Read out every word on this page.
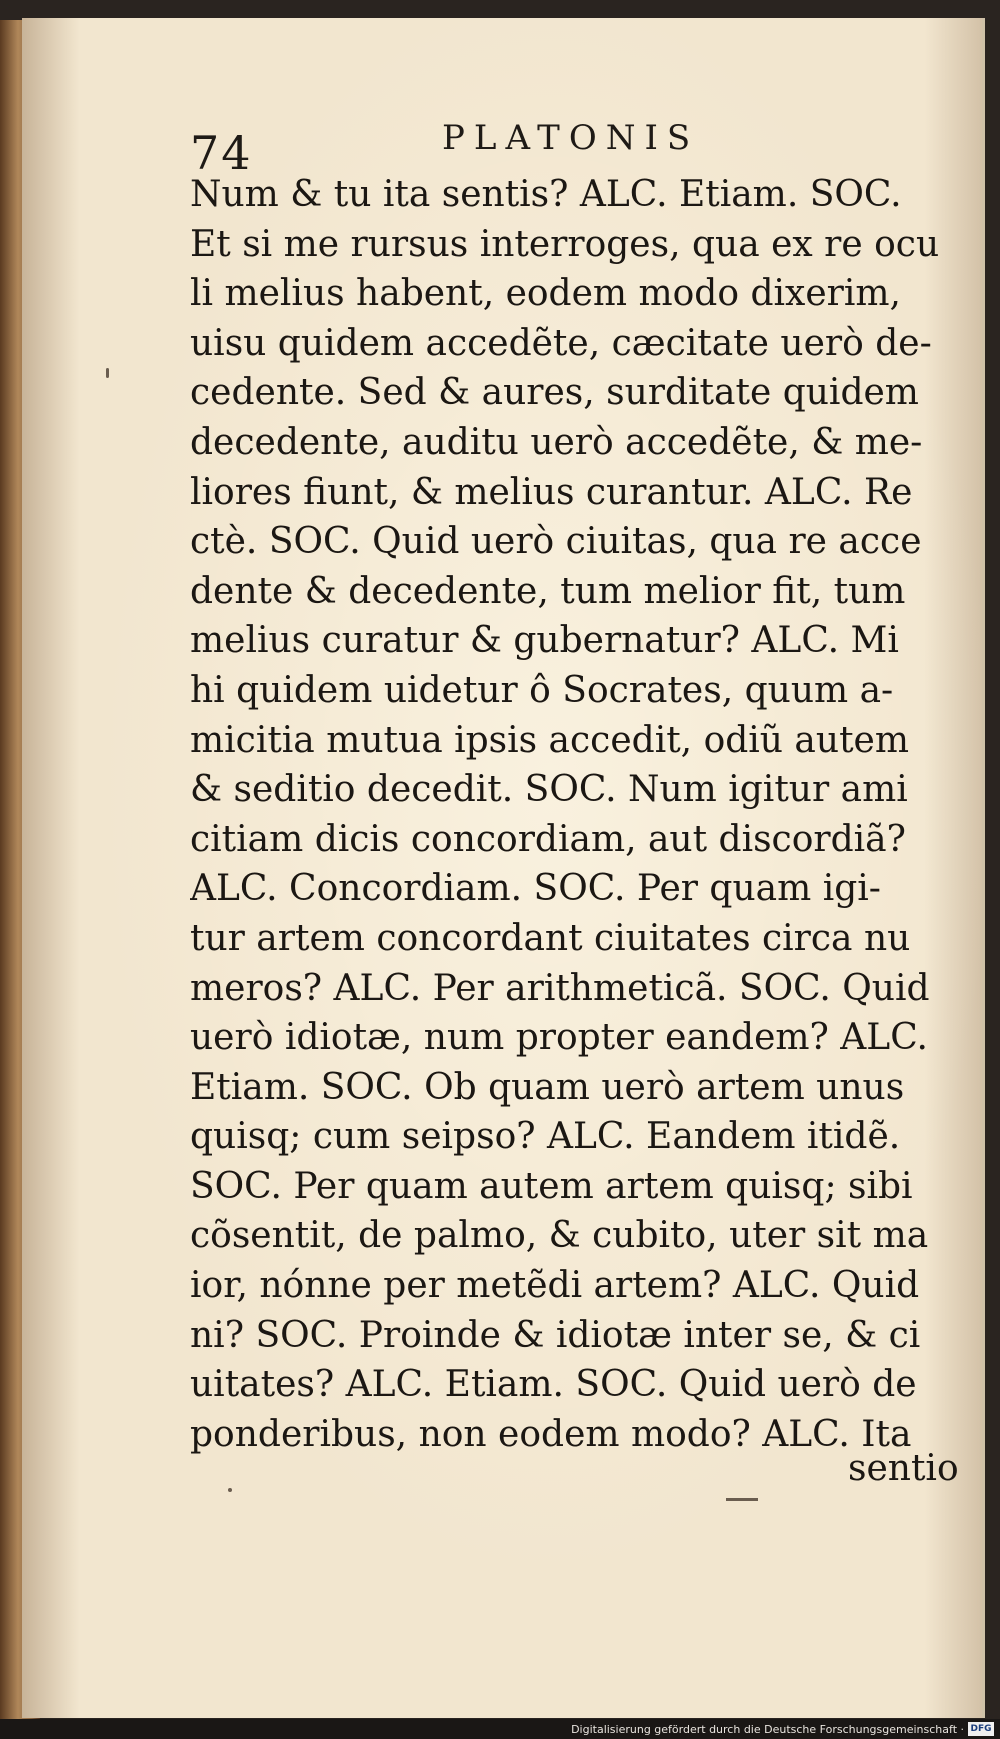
74	PLATONIS
Num & tu ita sentis? ALC. Etiam. SOC.
Et si me rursus interroges, qua ex re ocu
li melius habent, eodem modo dixerim,
uisu quidem accedẽte, cæcitate uerò de-
cedente. Sed & aures, surditate quidem
decedente, auditu uerò accedẽte, & me-
liores fiunt, & melius curantur. ALC. Re
ctè. SOC. Quid uerò ciuitas, qua re acce
dente & decedente, tum melior fit, tum
melius curatur & gubernatur? ALC. Mi
hi quidem uidetur ô Socrates, quum a-
micitia mutua ipsis accedit, odiũ autem
& seditio decedit. SOC. Num igitur ami
citiam dicis concordiam, aut discordiã?
ALC. Concordiam. SOC. Per quam igi-
tur artem concordant ciuitates circa nu
meros? ALC. Per arithmeticã. SOC. Quid
uerò idiotæ, num propter eandem? ALC.
Etiam. SOC. Ob quam uerò artem unus
quisq; cum seipso? ALC. Eandem itidẽ.
SOC. Per quam autem artem quisq; sibi
cõsentit, de palmo, & cubito, uter sit ma
ior, nónne per metẽdi artem? ALC. Quid
ni? SOC. Proinde & idiotæ inter se, & ci
uitates? ALC. Etiam. SOC. Quid uerò de
ponderibus, non eodem modo? ALC. Ita
sentio
Digitalisierung gefördert durch die Deutsche Forschungsgemeinschaft · DFG
